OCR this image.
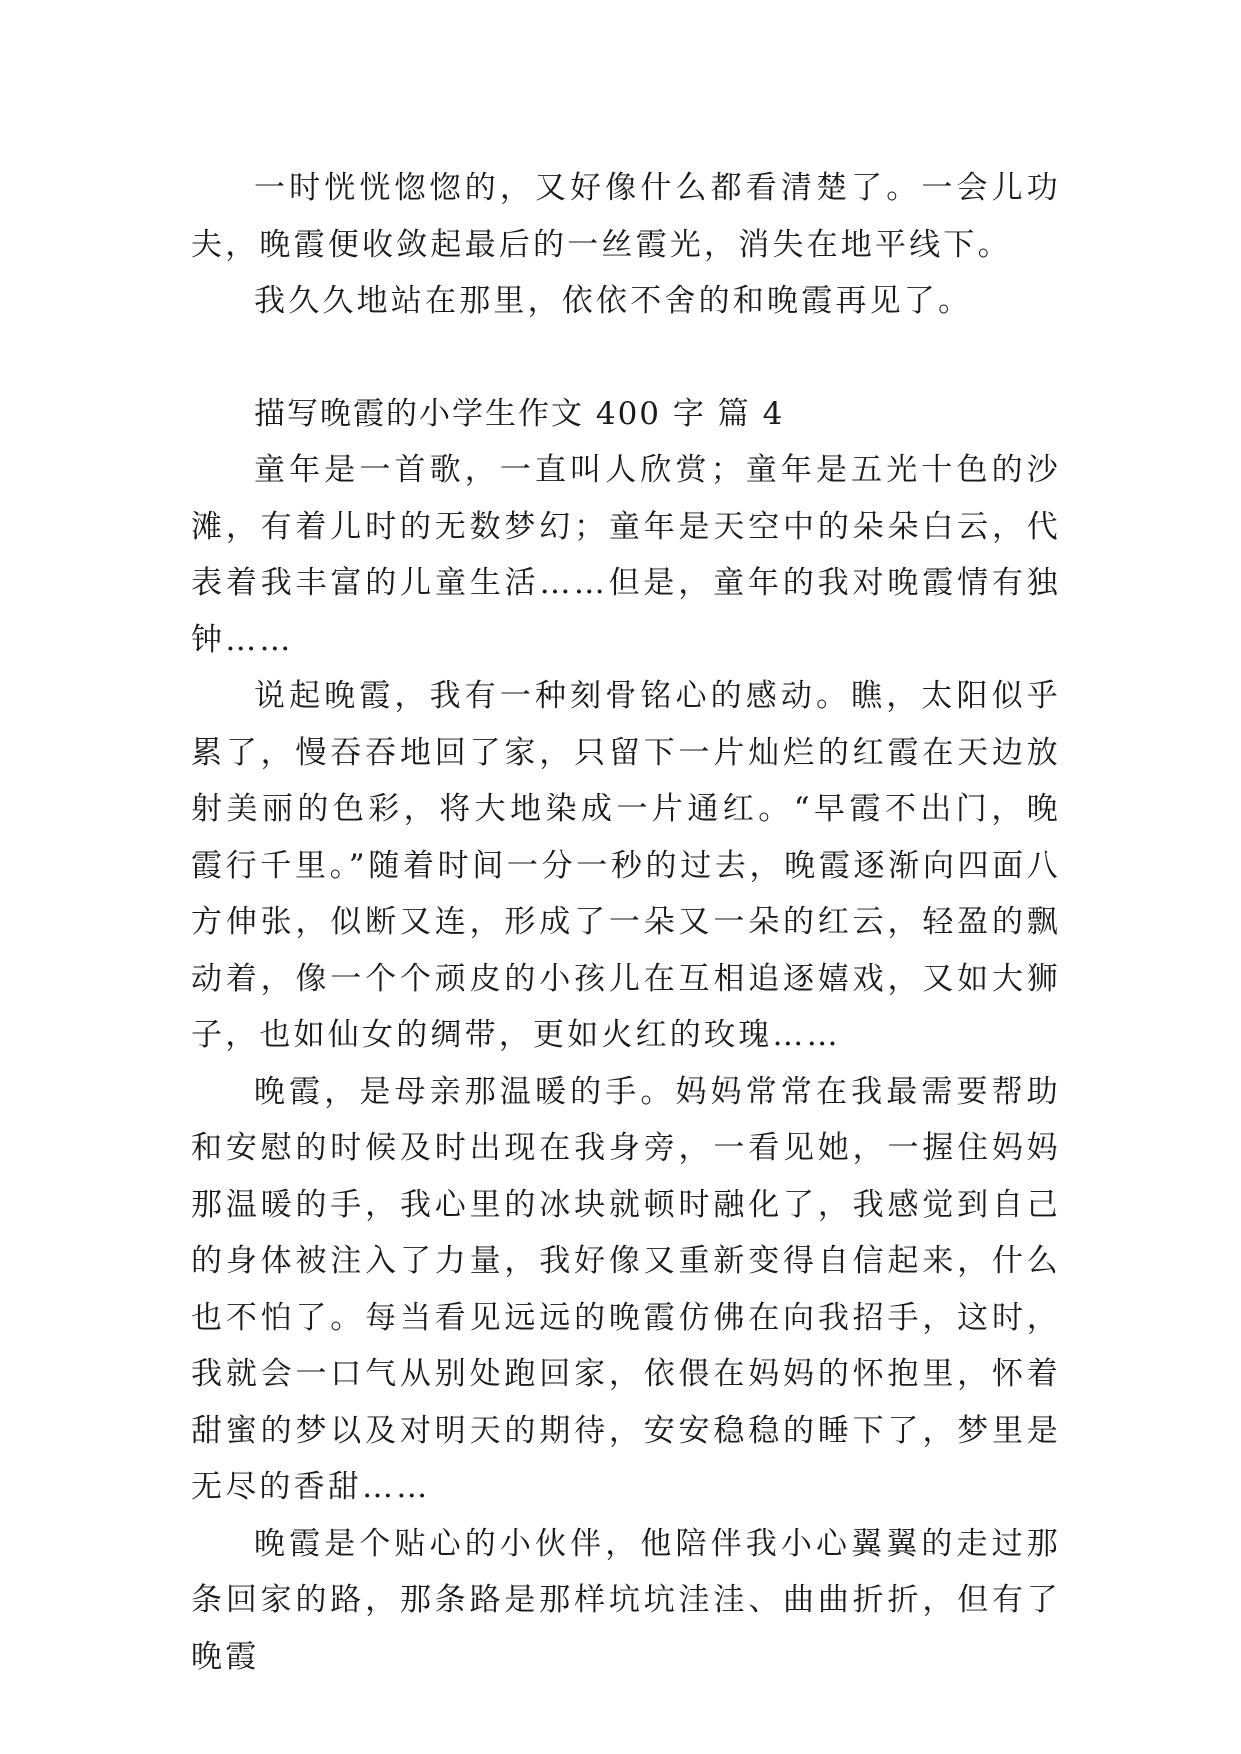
一时恍恍惚惚的，又好像什么都看清楚了。一会儿功夫，晚霞便收敛起最后的一丝霞光，消失在地平线下。

我久久地站在那里，依依不舍的和晚霞再见了。

描写晚霞的小学生作文 400 字 篇 4

童年是一首歌，一直叫人欣赏；童年是五光十色的沙滩，有着儿时的无数梦幻；童年是天空中的朵朵白云，代表着我丰富的儿童生活……但是，童年的我对晚霞情有独钟……

说起晚霞，我有一种刻骨铭心的感动。瞧，太阳似乎累了，慢吞吞地回了家，只留下一片灿烂的红霞在天边放射美丽的色彩，将大地染成一片通红。“早霞不出门，晚霞行千里。”随着时间一分一秒的过去，晚霞逐渐向四面八方伸张，似断又连，形成了一朵又一朵的红云，轻盈的飘动着，像一个个顽皮的小孩儿在互相追逐嬉戏，又如大狮子，也如仙女的绸带，更如火红的玫瑰……

晚霞，是母亲那温暖的手。妈妈常常在我最需要帮助和安慰的时候及时出现在我身旁，一看见她，一握住妈妈那温暖的手，我心里的冰块就顿时融化了，我感觉到自己的身体被注入了力量，我好像又重新变得自信起来，什么也不怕了。每当看见远远的晚霞仿佛在向我招手，这时，我就会一口气从别处跑回家，依偎在妈妈的怀抱里，怀着甜蜜的梦以及对明天的期待，安安稳稳的睡下了，梦里是无尽的香甜……

晚霞是个贴心的小伙伴，他陪伴我小心翼翼的走过那条回家的路，那条路是那样坑坑洼洼、曲曲折折，但有了晚霞
